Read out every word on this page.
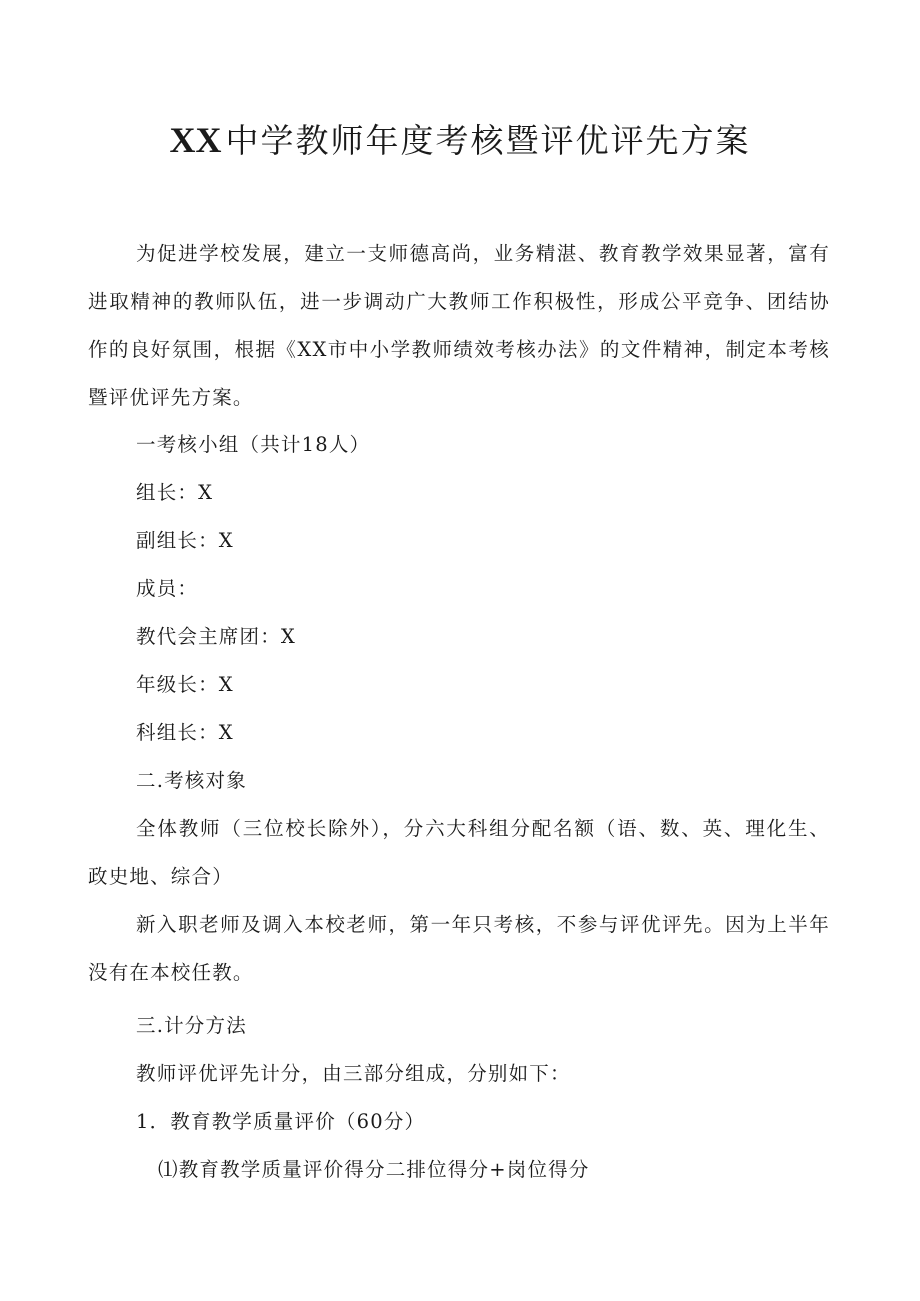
XX 中学教师年度考核暨评优评先方案

为促进学校发展，建立一支师德高尚，业务精湛、教育教学效果显著，富有进取精神的教师队伍，进一步调动广大教师工作积极性，形成公平竞争、团结协作的良好氛围，根据《XX市中小学教师绩效考核办法》的文件精神，制定本考核暨评优评先方案。

一考核小组（共计18人）

组长：X

副组长：X

成员：

教代会主席团：X

年级长：X

科组长：X

二.考核对象

全体教师（三位校长除外），分六大科组分配名额（语、数、英、理化生、政史地、综合）

新入职老师及调入本校老师，第一年只考核，不参与评优评先。因为上半年没有在本校任教。

三.计分方法

教师评优评先计分，由三部分组成，分别如下：

1．教育教学质量评价（60分）

⑴教育教学质量评价得分二排位得分+岗位得分
